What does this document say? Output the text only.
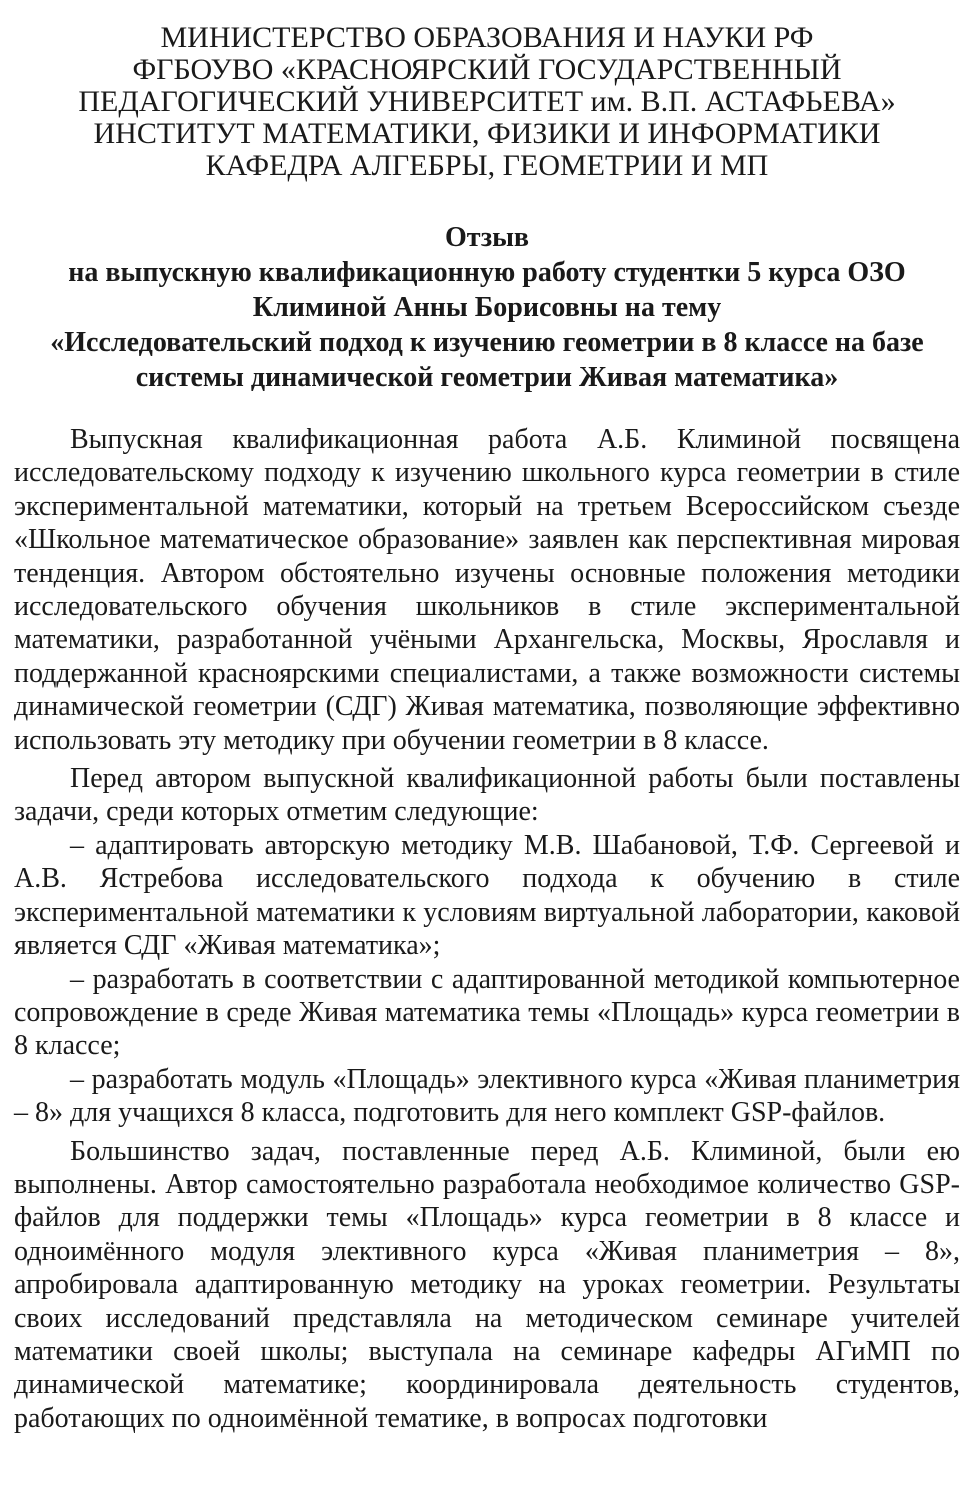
МИНИСТЕРСТВО ОБРАЗОВАНИЯ И НАУКИ РФ
ФГБОУВО «КРАСНОЯРСКИЙ ГОСУДАРСТВЕННЫЙ
ПЕДАГОГИЧЕСКИЙ УНИВЕРСИТЕТ им. В.П. АСТАФЬЕВА»
ИНСТИТУТ МАТЕМАТИКИ, ФИЗИКИ И ИНФОРМАТИКИ
КАФЕДРА АЛГЕБРЫ, ГЕОМЕТРИИ И МП
Отзыв
на выпускную квалификационную работу студентки 5 курса ОЗО
Климиной Анны Борисовны на тему
«Исследовательский подход к изучению геометрии в 8 классе на базе
системы динамической геометрии Живая математика»

Выпускная квалификационная работа А.Б. Климиной посвящена исследовательскому подходу к изучению школьного курса геометрии в стиле экспериментальной математики, который на третьем Всероссийском съезде «Школьное математическое образование» заявлен как перспективная мировая тенденция. Автором обстоятельно изучены основные положения методики исследовательского обучения школьников в стиле экспериментальной математики, разработанной учёными Архангельска, Москвы, Ярославля и поддержанной красноярскими специалистами, а также возможности системы динамической геометрии (СДГ) Живая математика, позволяющие эффективно использовать эту методику при обучении геометрии в 8 классе.

Перед автором выпускной квалификационной работы были поставлены задачи, среди которых отметим следующие:

– адаптировать авторскую методику М.В. Шабановой, Т.Ф. Сергеевой и А.В. Ястребова исследовательского подхода к обучению в стиле экспериментальной математики к условиям виртуальной лаборатории, каковой является СДГ «Живая математика»;

– разработать в соответствии с адаптированной методикой компьютерное сопровождение в среде Живая математика темы «Площадь» курса геометрии в 8 классе;

– разработать модуль «Площадь» элективного курса «Живая планиметрия – 8» для учащихся 8 класса, подготовить для него комплект GSP-файлов.

Большинство задач, поставленные перед А.Б. Климиной, были ею выполнены. Автор самостоятельно разработала необходимое количество GSP-файлов для поддержки темы «Площадь» курса геометрии в 8 классе и одноимённого модуля элективного курса «Живая планиметрия – 8», апробировала адаптированную методику на уроках геометрии. Результаты своих исследований представляла на методическом семинаре учителей математики своей школы; выступала на семинаре кафедры АГиМП по динамической математике; координировала деятельность студентов, работающих по одноимённой тематике, в вопросах подготовки
